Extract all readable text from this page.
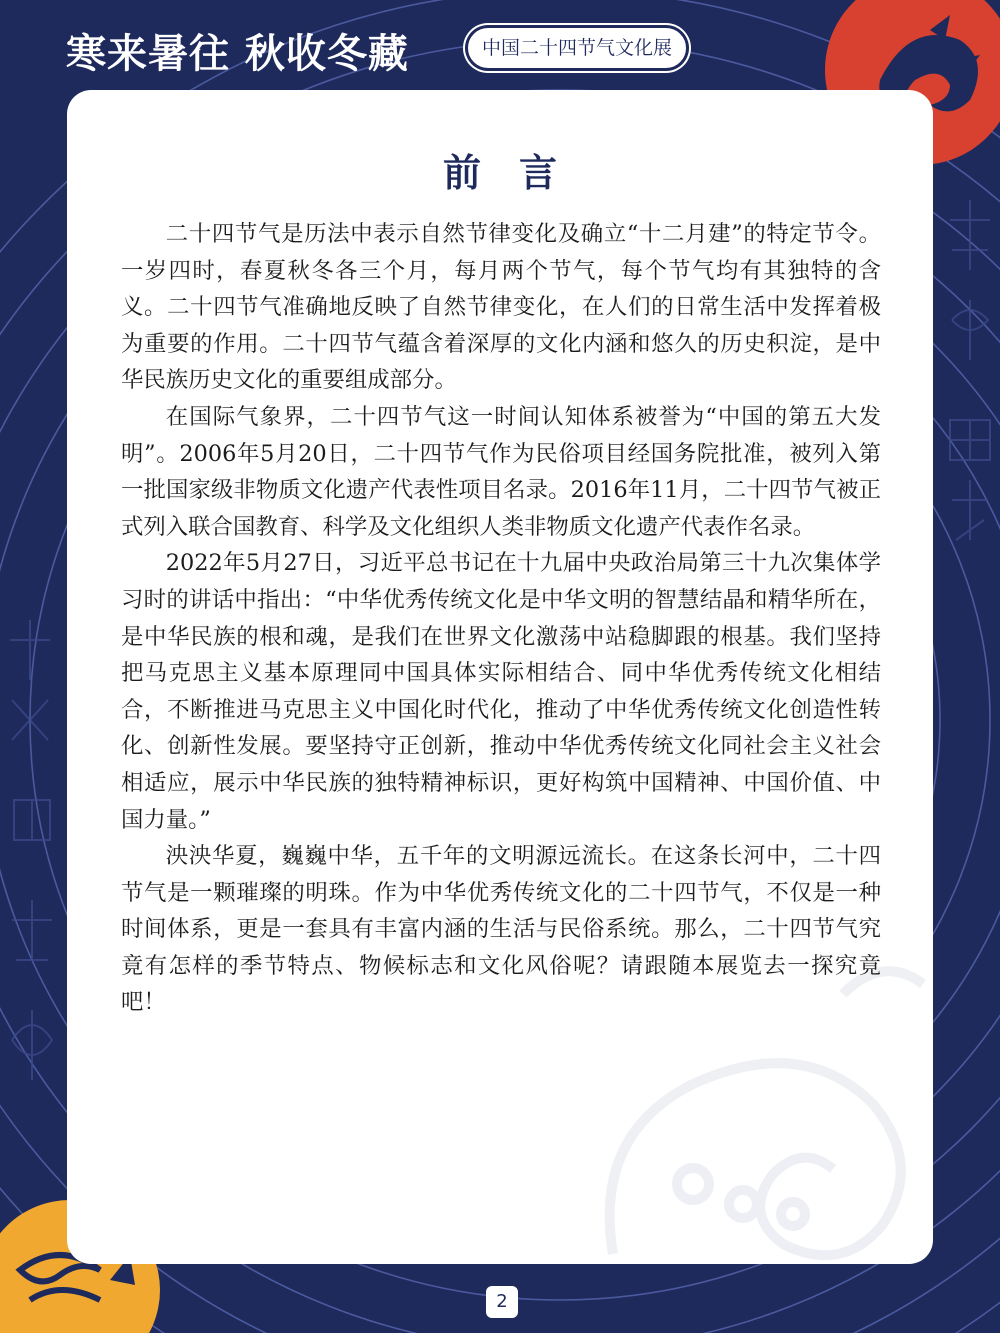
寒来暑往 秋收冬藏	中国二十四节气文化展
前言

二十四节气是历法中表示自然节律变化及确立“十二月建”的特定节令。一岁四时，春夏秋冬各三个月，每月两个节气，每个节气均有其独特的含义。二十四节气准确地反映了自然节律变化，在人们的日常生活中发挥着极为重要的作用。二十四节气蕴含着深厚的文化内涵和悠久的历史积淀，是中华民族历史文化的重要组成部分。

在国际气象界，二十四节气这一时间认知体系被誉为“中国的第五大发明”。2006年5月20日，二十四节气作为民俗项目经国务院批准，被列入第一批国家级非物质文化遗产代表性项目名录。2016年11月，二十四节气被正式列入联合国教育、科学及文化组织人类非物质文化遗产代表作名录。

2022年5月27日，习近平总书记在十九届中央政治局第三十九次集体学习时的讲话中指出：“中华优秀传统文化是中华文明的智慧结晶和精华所在，是中华民族的根和魂，是我们在世界文化激荡中站稳脚跟的根基。我们坚持把马克思主义基本原理同中国具体实际相结合、同中华优秀传统文化相结合，不断推进马克思主义中国化时代化，推动了中华优秀传统文化创造性转化、创新性发展。要坚持守正创新，推动中华优秀传统文化同社会主义社会相适应，展示中华民族的独特精神标识，更好构筑中国精神、中国价值、中国力量。”

泱泱华夏，巍巍中华，五千年的文明源远流长。在这条长河中，二十四节气是一颗璀璨的明珠。作为中华优秀传统文化的二十四节气，不仅是一种时间体系，更是一套具有丰富内涵的生活与民俗系统。那么，二十四节气究竟有怎样的季节特点、物候标志和文化风俗呢？请跟随本展览去一探究竟吧！

2
